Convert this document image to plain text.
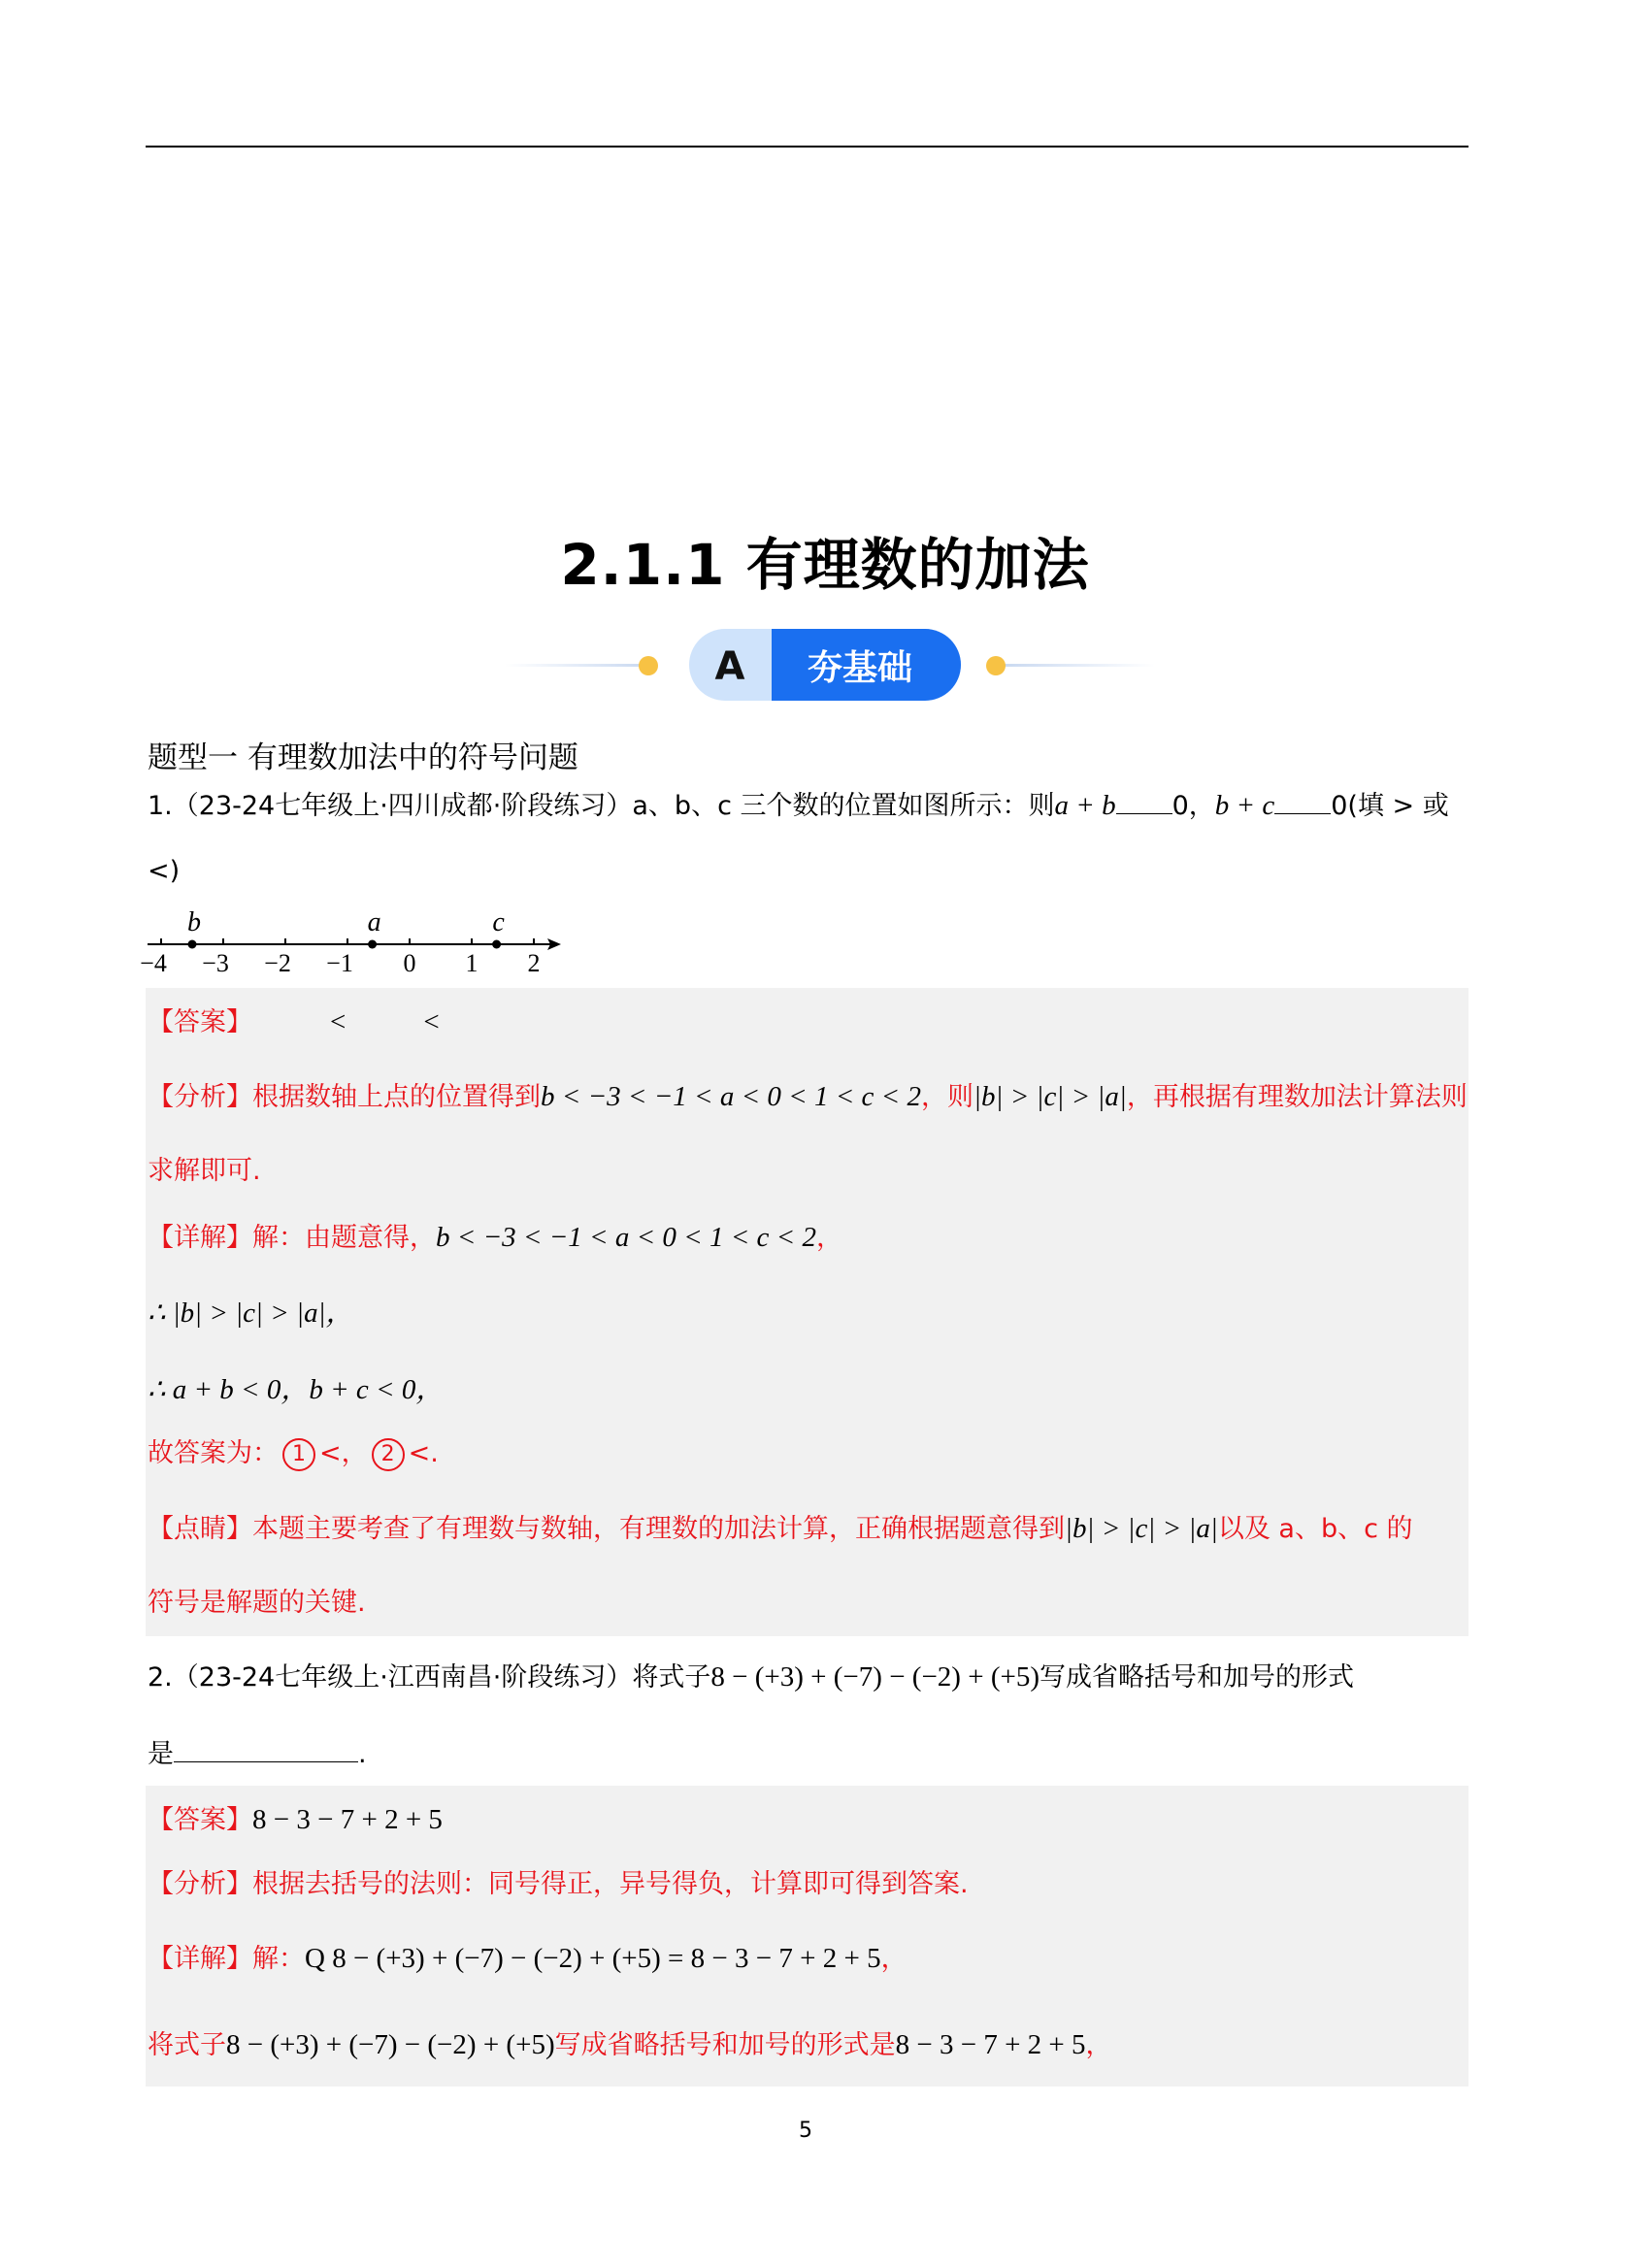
2.1.1 有理数的加法
A 夯基础
题型一 有理数加法中的符号问题
1.（23-24七年级上·四川成都·阶段练习）a、b、c 三个数的位置如图所示：则a + b 0，b + c 0(填 > 或
<)
−4 −3 −2 −1 0 1 2
b	a	c
【答案】	<	<
【分析】根据数轴上点的位置得到b < −3 < −1 < a < 0 < 1 < c < 2，则|b| > |c| > |a|，再根据有理数加法计算法则
求解即可.
【详解】解：由题意得，b < −3 < −1 < a < 0 < 1 < c < 2，
∴ |b| > |c| > |a|，
∴ a + b < 0，b + c < 0，
故答案为： 1 <， 2 <.
【点睛】本题主要考查了有理数与数轴，有理数的加法计算，正确根据题意得到|b| > |c| > |a|以及 a、b、c 的
符号是解题的关键.
2.（23-24七年级上·江西南昌·阶段练习）将式子8 − (+3) + (−7) − (−2) + (+5)写成省略括号和加号的形式
是	.
【答案】8 − 3 − 7 + 2 + 5
【分析】根据去括号的法则：同号得正，异号得负，计算即可得到答案.
【详解】解：Q 8 − (+3) + (−7) − (−2) + (+5) = 8 − 3 − 7 + 2 + 5，
将式子8 − (+3) + (−7) − (−2) + (+5)写成省略括号和加号的形式是8 − 3 − 7 + 2 + 5，
5
